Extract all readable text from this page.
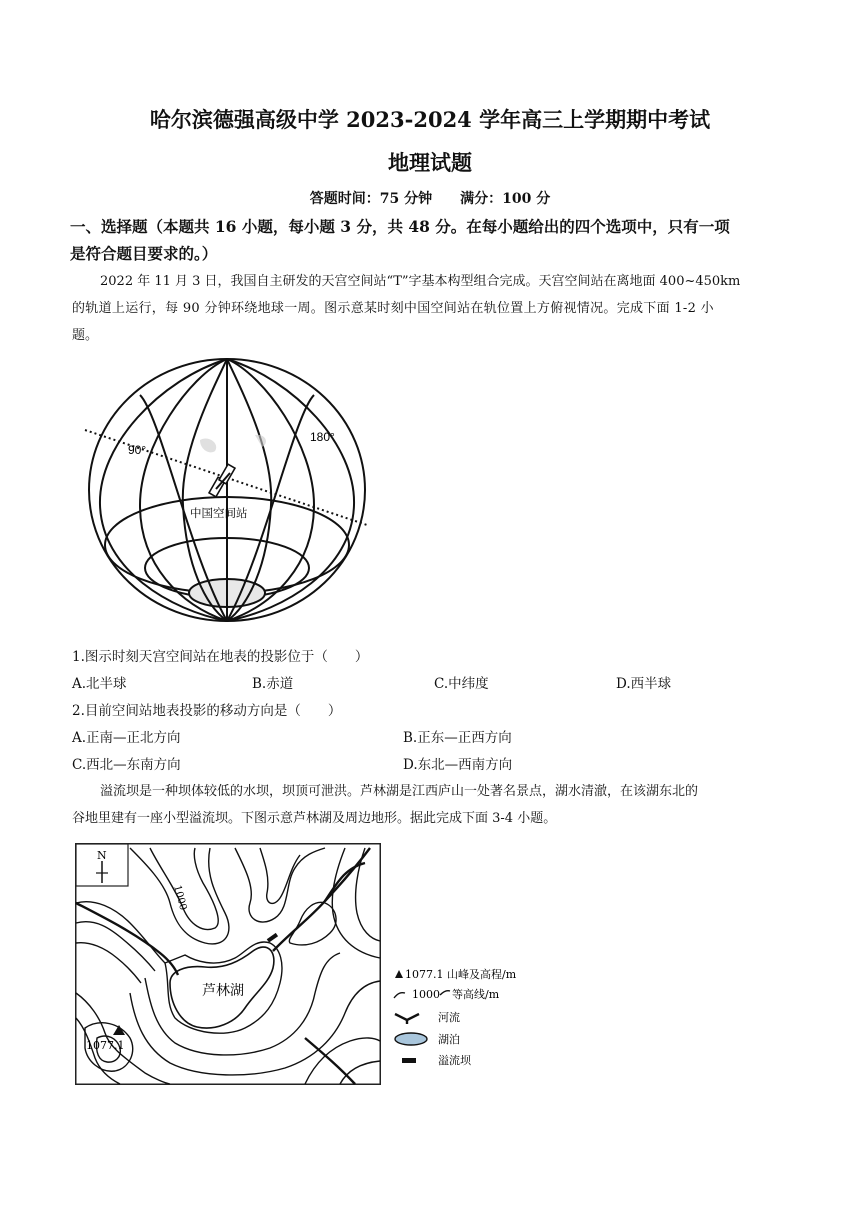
哈尔滨德强高级中学 2023-2024 学年高三上学期期中考试
地理试题
答题时间：75 分钟　　满分：100 分
一、选择题（本题共 16 小题，每小题 3 分，共 48 分。在每小题给出的四个选项中，只有一项
是符合题目要求的。）
2022 年 11 月 3 日，我国自主研发的天宫空间站“T”字基本构型组合完成。天宫空间站在离地面 400~450km
的轨道上运行，每 90 分钟环绕地球一周。图示意某时刻中国空间站在轨位置上方俯视情况。完成下面 1-2 小
题。
90°
180°
中国空间站
1.图示时刻天宫空间站在地表的投影位于（　　）
A.北半球	B.赤道	C.中纬度	D.西半球
2.目前空间站地表投影的移动方向是（　　）
A.正南—正北方向	B.正东—正西方向
C.西北—东南方向	D.东北—西南方向
溢流坝是一种坝体较低的水坝，坝顶可泄洪。芦林湖是江西庐山一处著名景点，湖水清澈，在该湖东北的
谷地里建有一座小型溢流坝。下图示意芦林湖及周边地形。据此完成下面 3-4 小题。
N
1077.1
1000
芦林湖
1077.1 山峰及高程/m
1000 等高线/m
河流
湖泊
溢流坝
